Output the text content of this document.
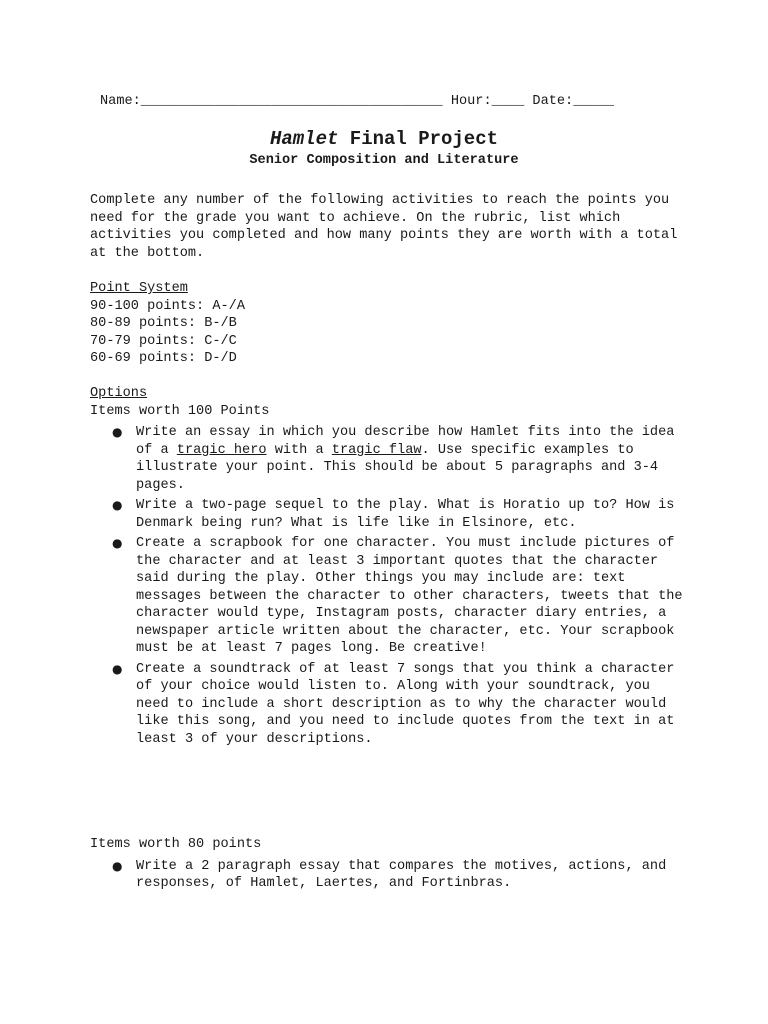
Name:_____________________________________ Hour:____ Date:_____
Hamlet Final Project
Senior Composition and Literature

Complete any number of the following activities to reach the points you need for the grade you want to achieve. On the rubric, list which activities you completed and how many points they are worth with a total at the bottom.

Point System

90-100 points: A-/A

80-89 points: B-/B

70-79 points: C-/C

60-69 points: D-/D

Options

Items worth 100 Points

● Write an essay in which you describe how Hamlet fits into the idea of a tragic hero with a tragic flaw. Use specific examples to illustrate your point. This should be about 5 paragraphs and 3-4 pages.
● Write a two-page sequel to the play. What is Horatio up to? How is Denmark being run? What is life like in Elsinore, etc.
● Create a scrapbook for one character. You must include pictures of the character and at least 3 important quotes that the character said during the play. Other things you may include are: text messages between the character to other characters, tweets that the character would type, Instagram posts, character diary entries, a newspaper article written about the character, etc. Your scrapbook must be at least 7 pages long. Be creative!
● Create a soundtrack of at least 7 songs that you think a character of your choice would listen to. Along with your soundtrack, you need to include a short description as to why the character would like this song, and you need to include quotes from the text in at least 3 of your descriptions.

Items worth 80 points

● Write a 2 paragraph essay that compares the motives, actions, and responses, of Hamlet, Laertes, and Fortinbras.
